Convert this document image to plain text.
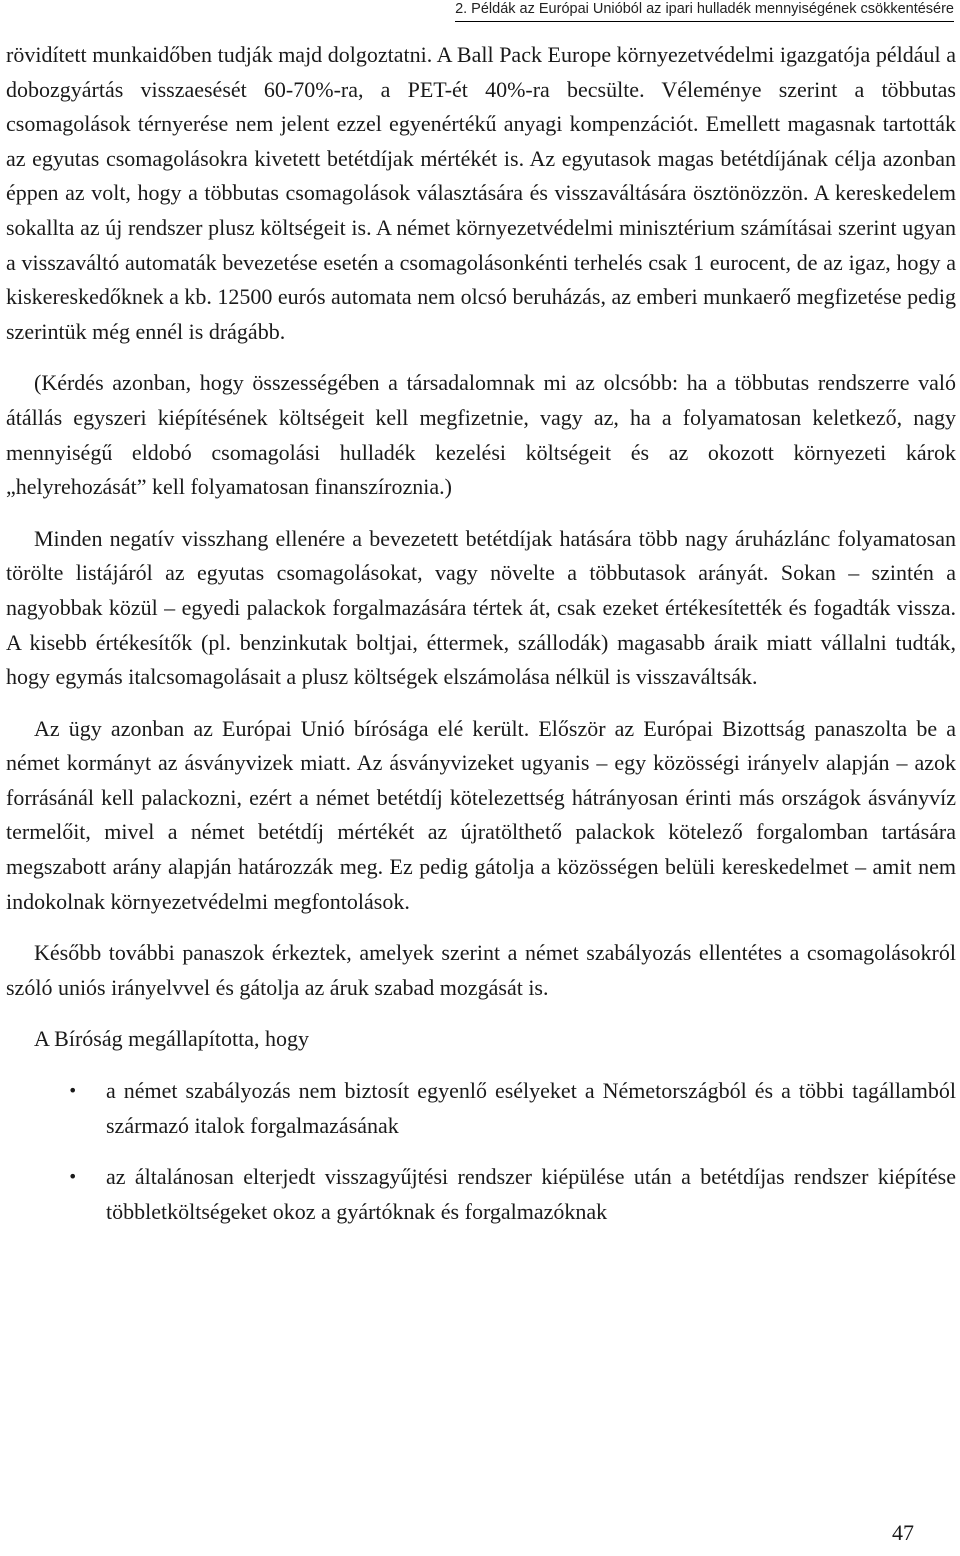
2. Példák az Európai Unióból az ipari hulladék mennyiségének csökkentésére

rövidített munkaidőben tudják majd dolgoztatni. A Ball Pack Europe környezetvédelmi igazgatója például a dobozgyártás visszaesését 60-70%-ra, a PET-ét 40%-ra becsülte. Véleménye szerint a többutas csomagolások térnyerése nem jelent ezzel egyenértékű anyagi kompenzációt. Emellett magasnak tartották az egyutas csomagolásokra kivetett betétdíjak mértékét is. Az egyutasok magas betétdíjának célja azonban éppen az volt, hogy a többutas csomagolások választására és visszaváltására ösztönözzön. A kereskedelem sokallta az új rendszer plusz költségeit is. A német környezetvédelmi minisztérium számításai szerint ugyan a visszaváltó automaták bevezetése esetén a csomagolásonkénti terhelés csak 1 eurocent, de az igaz, hogy a kiskereskedőknek a kb. 12500 eurós automata nem olcsó beruházás, az emberi munkaerő megfizetése pedig szerintük még ennél is drágább.

(Kérdés azonban, hogy összességében a társadalomnak mi az olcsóbb: ha a többutas rendszerre való átállás egyszeri kiépítésének költségeit kell megfizetnie, vagy az, ha a folyamatosan keletkező, nagy mennyiségű eldobó csomagolási hulladék kezelési költségeit és az okozott környezeti károk „helyrehozását” kell folyamatosan finanszíroznia.)

Minden negatív visszhang ellenére a bevezetett betétdíjak hatására több nagy áruházlánc folyamatosan törölte listájáról az egyutas csomagolásokat, vagy növelte a többutasok arányát. Sokan – szintén a nagyobbak közül – egyedi palackok forgalmazására tértek át, csak ezeket értékesítették és fogadták vissza. A kisebb értékesítők (pl. benzinkutak boltjai, éttermek, szállodák) magasabb áraik miatt vállalni tudták, hogy egymás italcsomagolásait a plusz költségek elszámolása nélkül is visszaváltsák.

Az ügy azonban az Európai Unió bírósága elé került. Először az Európai Bizottság panaszolta be a német kormányt az ásványvizek miatt. Az ásványvizeket ugyanis – egy közösségi irányelv alapján – azok forrásánál kell palackozni, ezért a német betétdíj kötelezettség hátrányosan érinti más országok ásványvíz termelőit, mivel a német betétdíj mértékét az újratölthető palackok kötelező forgalomban tartására megszabott arány alapján határozzák meg. Ez pedig gátolja a közösségen belüli kereskedelmet – amit nem indokolnak környezetvédelmi megfontolások.

Később további panaszok érkeztek, amelyek szerint a német szabályozás ellentétes a csomagolásokról szóló uniós irányelvvel és gátolja az áruk szabad mozgását is.

A Bíróság megállapította, hogy

• a német szabályozás nem biztosít egyenlő esélyeket a Németországból és a többi tagállamból származó italok forgalmazásának
• az általánosan elterjedt visszagyűjtési rendszer kiépülése után a betétdíjas rendszer kiépítése többletköltségeket okoz a gyártóknak és forgalmazóknak
47
